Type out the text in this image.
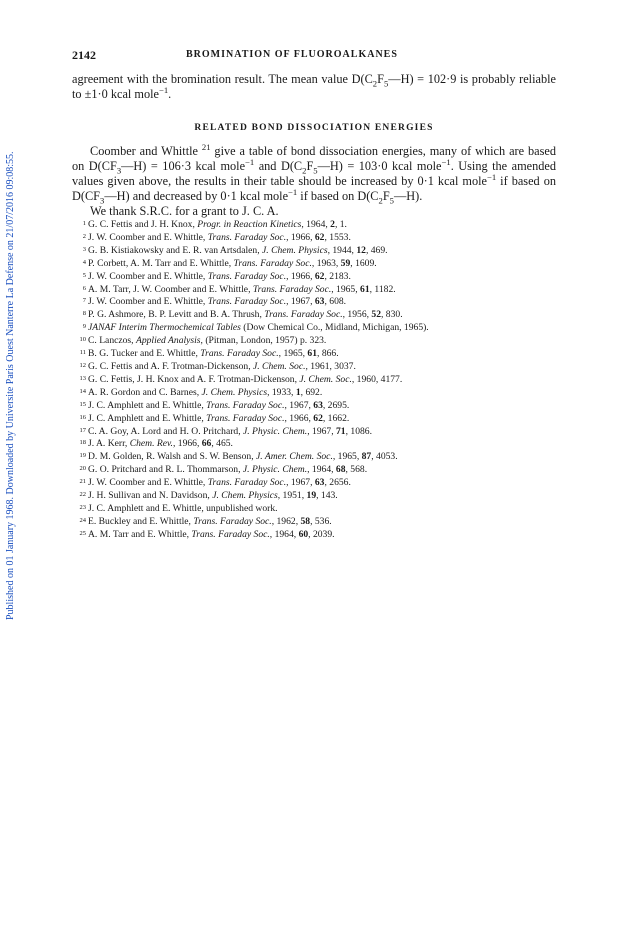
Published on 01 January 1968. Downloaded by Universite Paris Ouest Nanterre La Defense on 21/07/2016 09:08:55.
2142	BROMINATION OF FLUOROALKANES

agreement with the bromination result. The mean value $D(C_2F_5—H) = 102\cdot 9$ is probably reliable to ±1·0 kcal mole$^{-1}$.

RELATED BOND DISSOCIATION ENERGIES

Coomber and Whittle $^{21}$ give a table of bond dissociation energies, many of which are based on $D(CF_3—H) = 106\cdot 3$ kcal mole$^{-1}$ and $D(C_2F_5—H) = 103\cdot 0$ kcal mole$^{-1}$. Using the amended values given above, the results in their table should be increased by 0·1 kcal mole$^{-1}$ if based on $D(CF_3—H)$ and decreased by 0·1 kcal mole$^{-1}$ if based on $D(C_2F_5—H)$.

We thank S.R.C. for a grant to J. C. A.

1 G. C. Fettis and J. H. Knox, Progr. in Reaction Kinetics, 1964, 2, 1.
2 J. W. Coomber and E. Whittle, Trans. Faraday Soc., 1966, 62, 1553.
3 G. B. Kistiakowsky and E. R. van Artsdalen, J. Chem. Physics, 1944, 12, 469.
4 P. Corbett, A. M. Tarr and E. Whittle, Trans. Faraday Soc., 1963, 59, 1609.
5 J. W. Coomber and E. Whittle, Trans. Faraday Soc., 1966, 62, 2183.
6 A. M. Tarr, J. W. Coomber and E. Whittle, Trans. Faraday Soc., 1965, 61, 1182.
7 J. W. Coomber and E. Whittle, Trans. Faraday Soc., 1967, 63, 608.
8 P. G. Ashmore, B. P. Levitt and B. A. Thrush, Trans. Faraday Soc., 1956, 52, 830.
9 JANAF Interim Thermochemical Tables (Dow Chemical Co., Midland, Michigan, 1965).
10 C. Lanczos, Applied Analysis, (Pitman, London, 1957) p. 323.
11 B. G. Tucker and E. Whittle, Trans. Faraday Soc., 1965, 61, 866.
12 G. C. Fettis and A. F. Trotman-Dickenson, J. Chem. Soc., 1961, 3037.
13 G. C. Fettis, J. H. Knox and A. F. Trotman-Dickenson, J. Chem. Soc., 1960, 4177.
14 A. R. Gordon and C. Barnes, J. Chem. Physics, 1933, 1, 692.
15 J. C. Amphlett and E. Whittle, Trans. Faraday Soc., 1967, 63, 2695.
16 J. C. Amphlett and E. Whittle, Trans. Faraday Soc., 1966, 62, 1662.
17 C. A. Goy, A. Lord and H. O. Pritchard, J. Physic. Chem., 1967, 71, 1086.
18 J. A. Kerr, Chem. Rev., 1966, 66, 465.
19 D. M. Golden, R. Walsh and S. W. Benson, J. Amer. Chem. Soc., 1965, 87, 4053.
20 G. O. Pritchard and R. L. Thommarson, J. Physic. Chem., 1964, 68, 568.
21 J. W. Coomber and E. Whittle, Trans. Faraday Soc., 1967, 63, 2656.
22 J. H. Sullivan and N. Davidson, J. Chem. Physics, 1951, 19, 143.
23 J. C. Amphlett and E. Whittle, unpublished work.
24 E. Buckley and E. Whittle, Trans. Faraday Soc., 1962, 58, 536.
25 A. M. Tarr and E. Whittle, Trans. Faraday Soc., 1964, 60, 2039.
